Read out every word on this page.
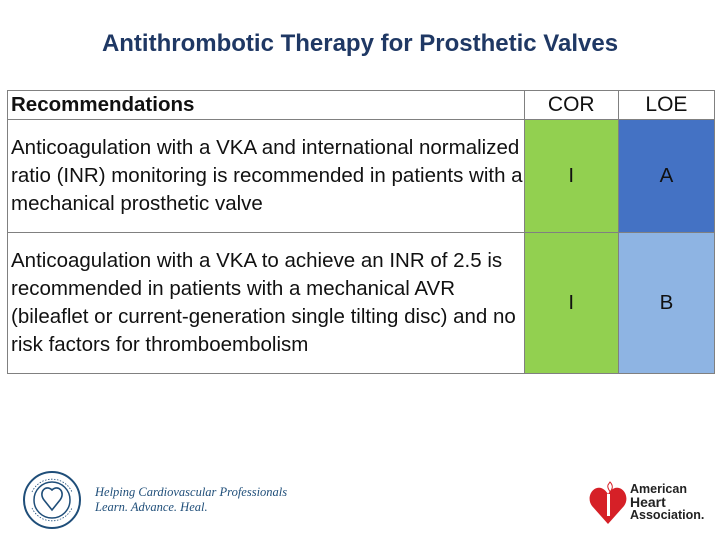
Antithrombotic Therapy for Prosthetic Valves
Recommendations	COR	LOE
Anticoagulation with a VKA and international normalized ratio (INR) monitoring is recommended in patients with a mechanical prosthetic valve	I	A
Anticoagulation with a VKA to achieve an INR of 2.5 is recommended in patients with a mechanical AVR (bileaflet or current-generation single tilting disc) and no risk factors for thromboembolism	I	B
Helping Cardiovascular Professionals
Learn. Advance. Heal.
American
Heart
Association.
